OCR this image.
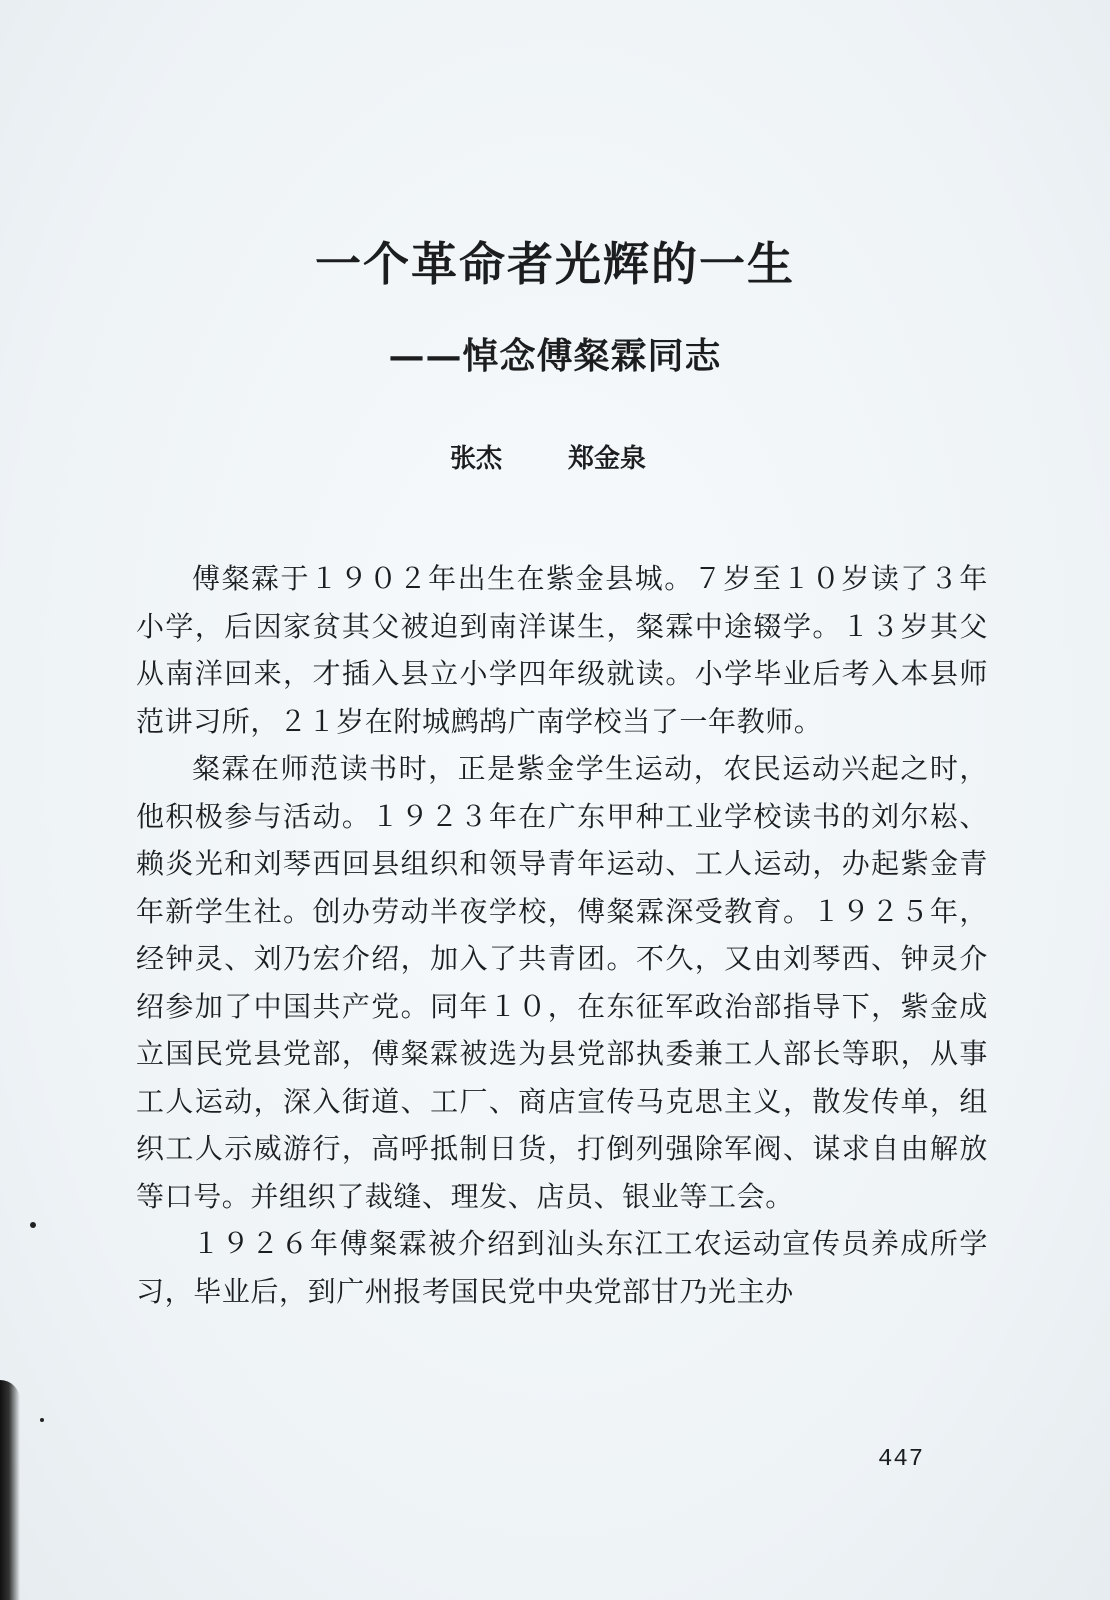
一个革命者光辉的一生
——悼念傅粲霖同志
张杰	郑金泉

傅粲霖于１９０２年出生在紫金县城。７岁至１０岁读了３年小学，后因家贫其父被迫到南洋谋生，粲霖中途辍学。１３岁其父从南洋回来，才插入县立小学四年级就读。小学毕业后考入本县师范讲习所，２１岁在附城鹧鸪广南学校当了一年教师。

粲霖在师范读书时，正是紫金学生运动，农民运动兴起之时，他积极参与活动。１９２３年在广东甲种工业学校读书的刘尔崧、赖炎光和刘琴西回县组织和领导青年运动、工人运动，办起紫金青年新学生社。创办劳动半夜学校，傅粲霖深受教育。１９２５年，经钟灵、刘乃宏介绍，加入了共青团。不久，又由刘琴西、钟灵介绍参加了中国共产党。同年１０，在东征军政治部指导下，紫金成立国民党县党部，傅粲霖被选为县党部执委兼工人部长等职，从事工人运动，深入街道、工厂、商店宣传马克思主义，散发传单，组织工人示威游行，高呼抵制日货，打倒列强除军阀、谋求自由解放等口号。并组织了裁缝、理发、店员、银业等工会。

１９２６年傅粲霖被介绍到汕头东江工农运动宣传员养成所学习，毕业后，到广州报考国民党中央党部甘乃光主办

447
